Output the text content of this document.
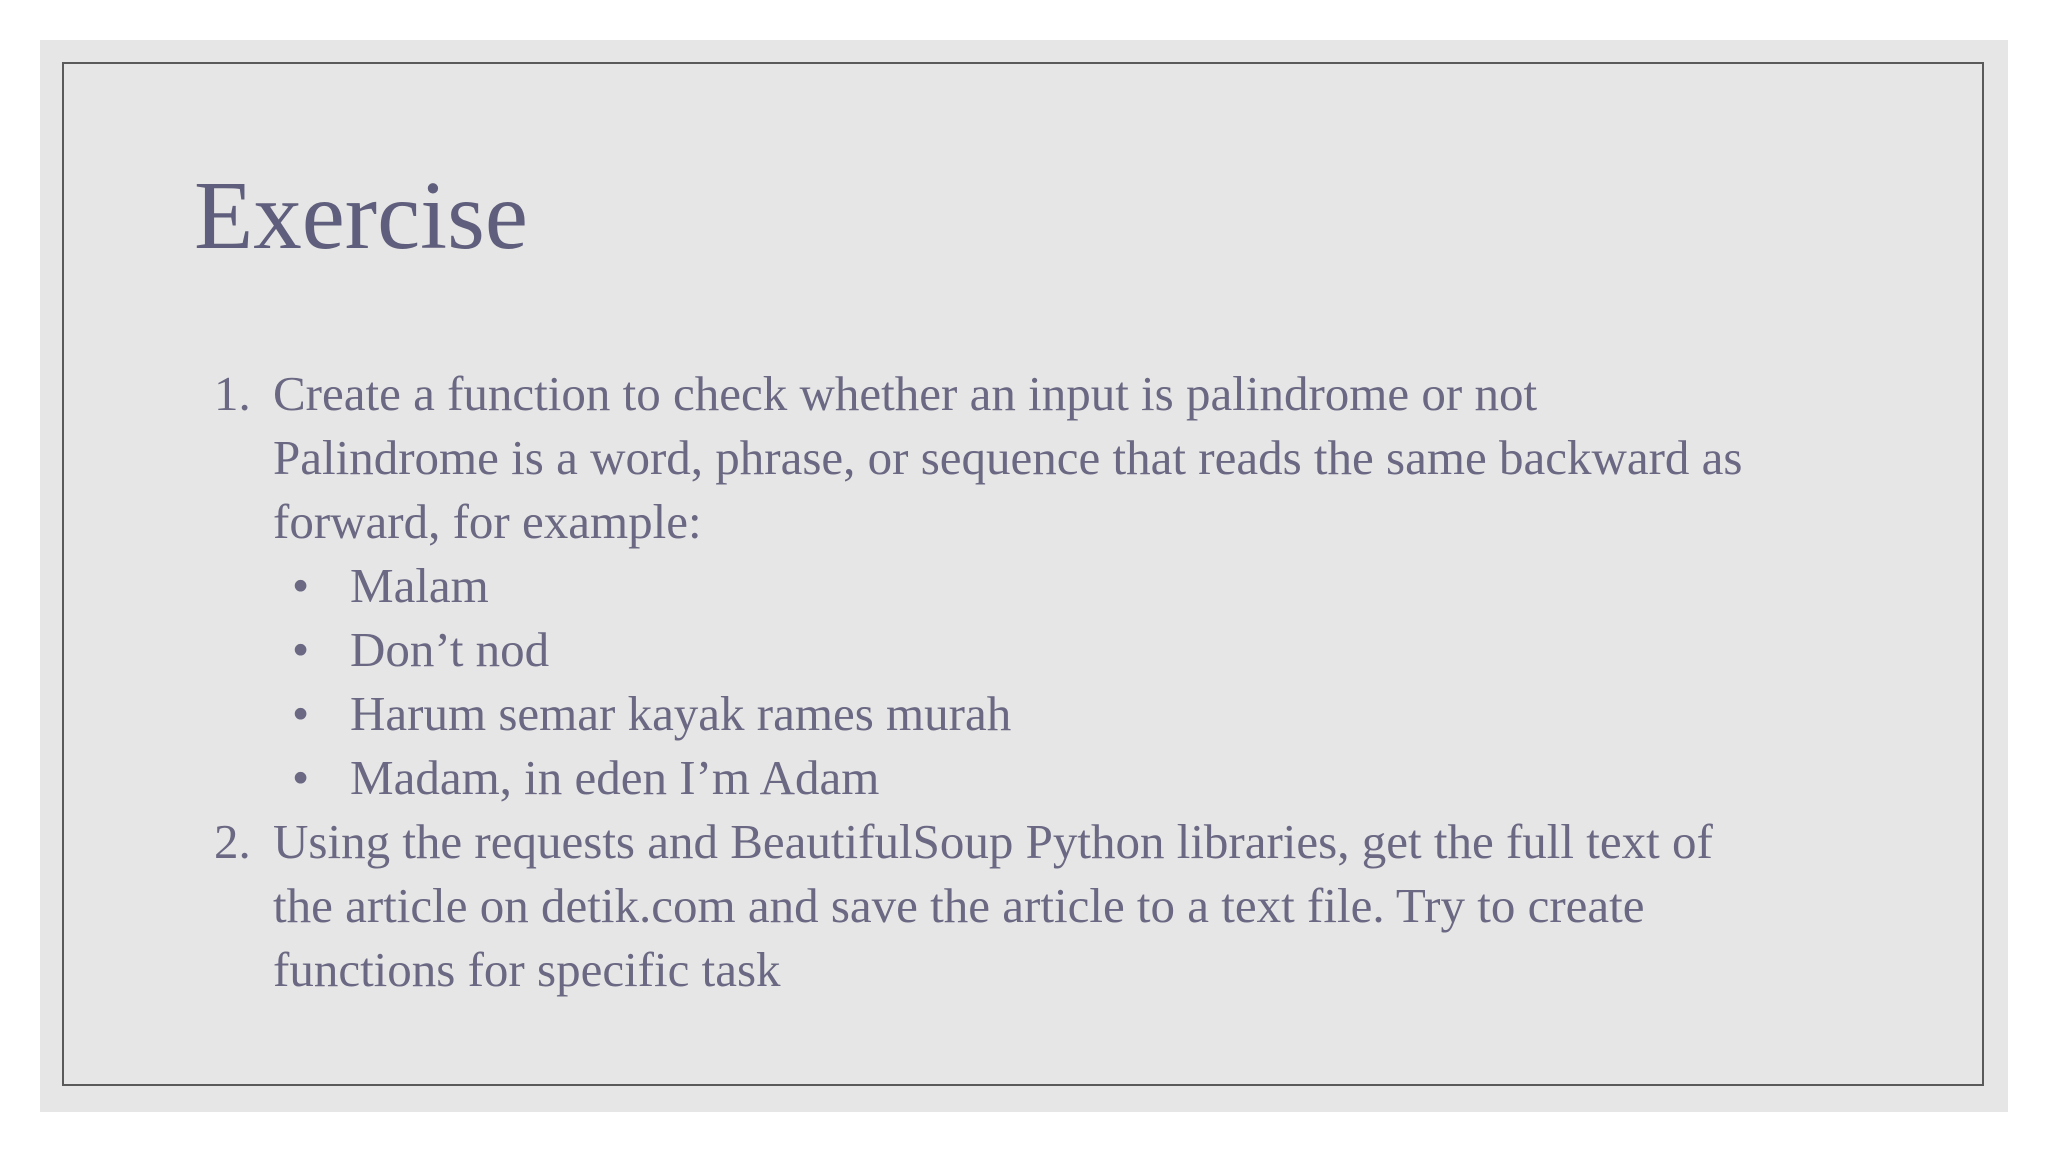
Exercise
1. Create a function to check whether an input is palindrome or not
Palindrome is a word, phrase, or sequence that reads the same backward as
forward, for example:
• Malam
• Don’t nod
• Harum semar kayak rames murah
• Madam, in eden I’m Adam
2. Using the requests and BeautifulSoup Python libraries, get the full text of
the article on detik.com and save the article to a text file. Try to create
functions for specific task
